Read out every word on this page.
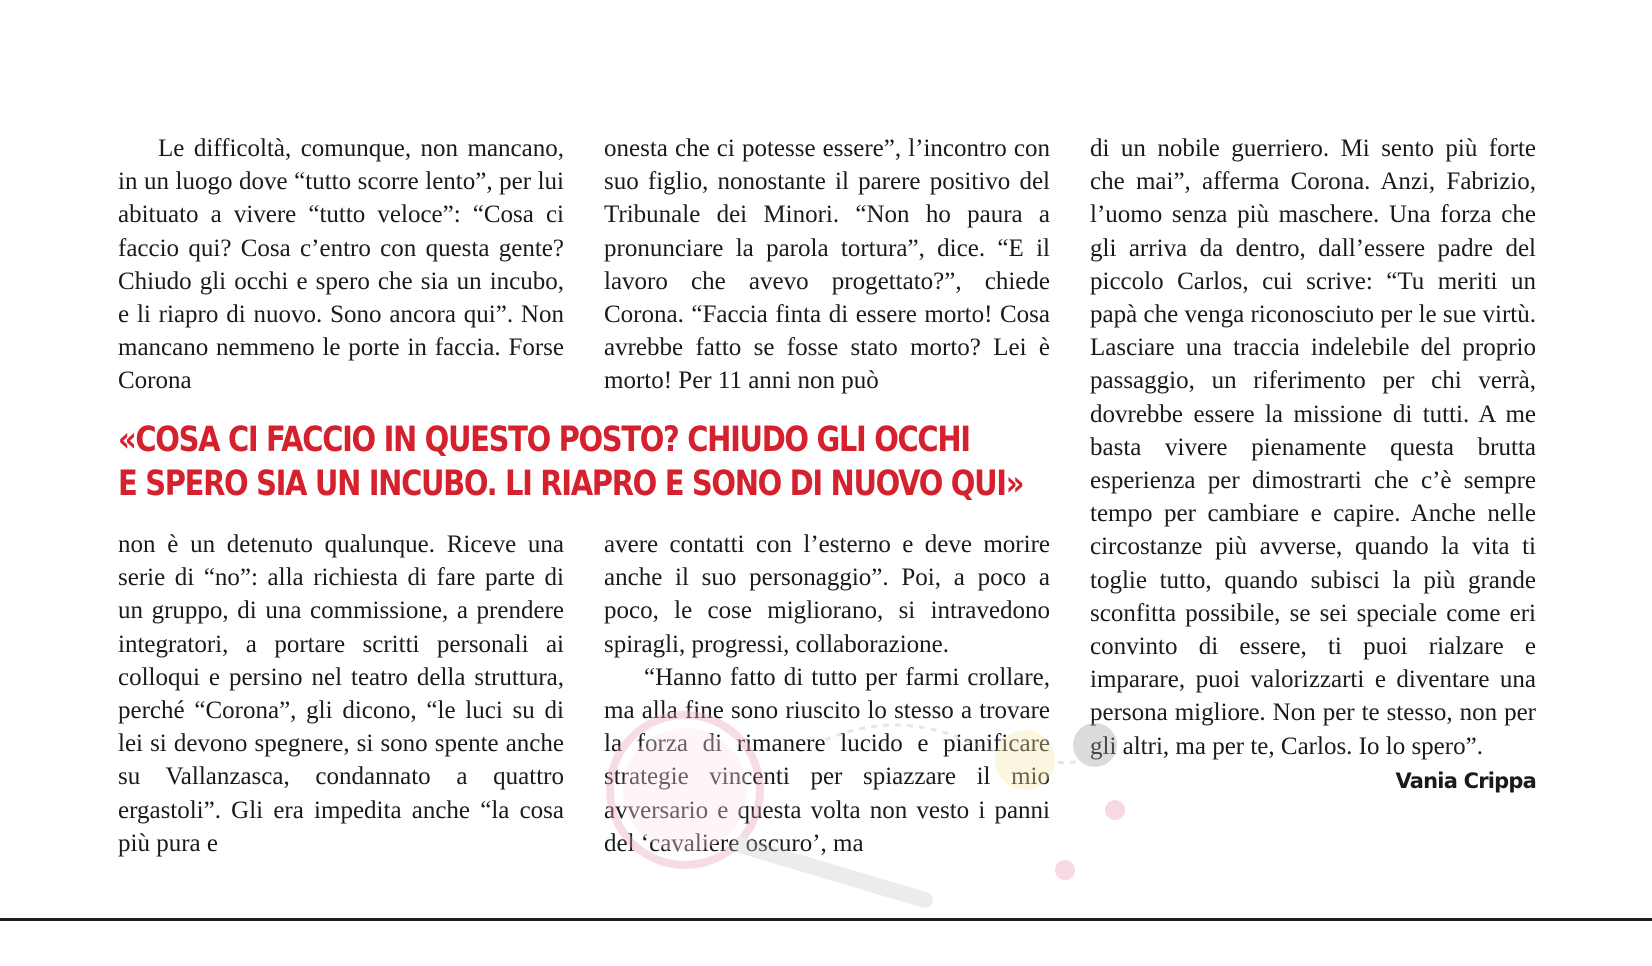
Le difficoltà, comunque, non mancano, in un luogo dove “tutto scorre lento”, per lui abituato a vivere “tutto veloce”: “Cosa ci faccio qui? Cosa c’entro con questa gente? Chiudo gli occhi e spero che sia un incubo, e li riapro di nuovo. Sono ancora qui”. Non mancano nemmeno le porte in faccia. Forse Corona

onesta che ci potesse essere”, l’incontro con suo figlio, nonostante il parere positivo del Tribunale dei Minori. “Non ho paura a pronunciare la parola tortura”, dice. “E il lavoro che avevo progettato?”, chiede Corona. “Faccia finta di essere morto! Cosa avrebbe fatto se fosse stato morto? Lei è morto! Per 11 anni non può

«COSA CI FACCIO IN QUESTO POSTO? CHIUDO GLI OCCHI
E SPERO SIA UN INCUBO. LI RIAPRO E SONO DI NUOVO QUI»

non è un detenuto qualunque. Riceve una serie di “no”: alla richiesta di fare parte di un gruppo, di una commissione, a prendere integratori, a portare scritti personali ai colloqui e persino nel teatro della struttura, perché “Corona”, gli dicono, “le luci su di lei si devono spegnere, si sono spente anche su Vallanzasca, condannato a quattro ergastoli”. Gli era impedita anche “la cosa più pura e

avere contatti con l’esterno e deve morire anche il suo personaggio”. Poi, a poco a poco, le cose migliorano, si intravedono spiragli, progressi, collaborazione.

“Hanno fatto di tutto per farmi crollare, ma alla fine sono riuscito lo stesso a trovare la forza di rimanere lucido e pianificare strategie vincenti per spiazzare il mio avversario e questa volta non vesto i panni del ‘cavaliere oscuro’, ma

di un nobile guerriero. Mi sento più forte che mai”, afferma Corona. Anzi, Fabrizio, l’uomo senza più maschere. Una forza che gli arriva da dentro, dall’essere padre del piccolo Carlos, cui scrive: “Tu meriti un papà che venga riconosciuto per le sue virtù. Lasciare una traccia indelebile del proprio passaggio, un riferimento per chi verrà, dovrebbe essere la missione di tutti. A me basta vivere pienamente questa brutta esperienza per dimostrarti che c’è sempre tempo per cambiare e capire. Anche nelle circostanze più avverse, quando la vita ti toglie tutto, quando subisci la più grande sconfitta possibile, se sei speciale come eri convinto di essere, ti puoi rialzare e imparare, puoi valorizzarti e diventare una persona migliore. Non per te stesso, non per gli altri, ma per te, Carlos. Io lo spero”.

Vania Crippa
